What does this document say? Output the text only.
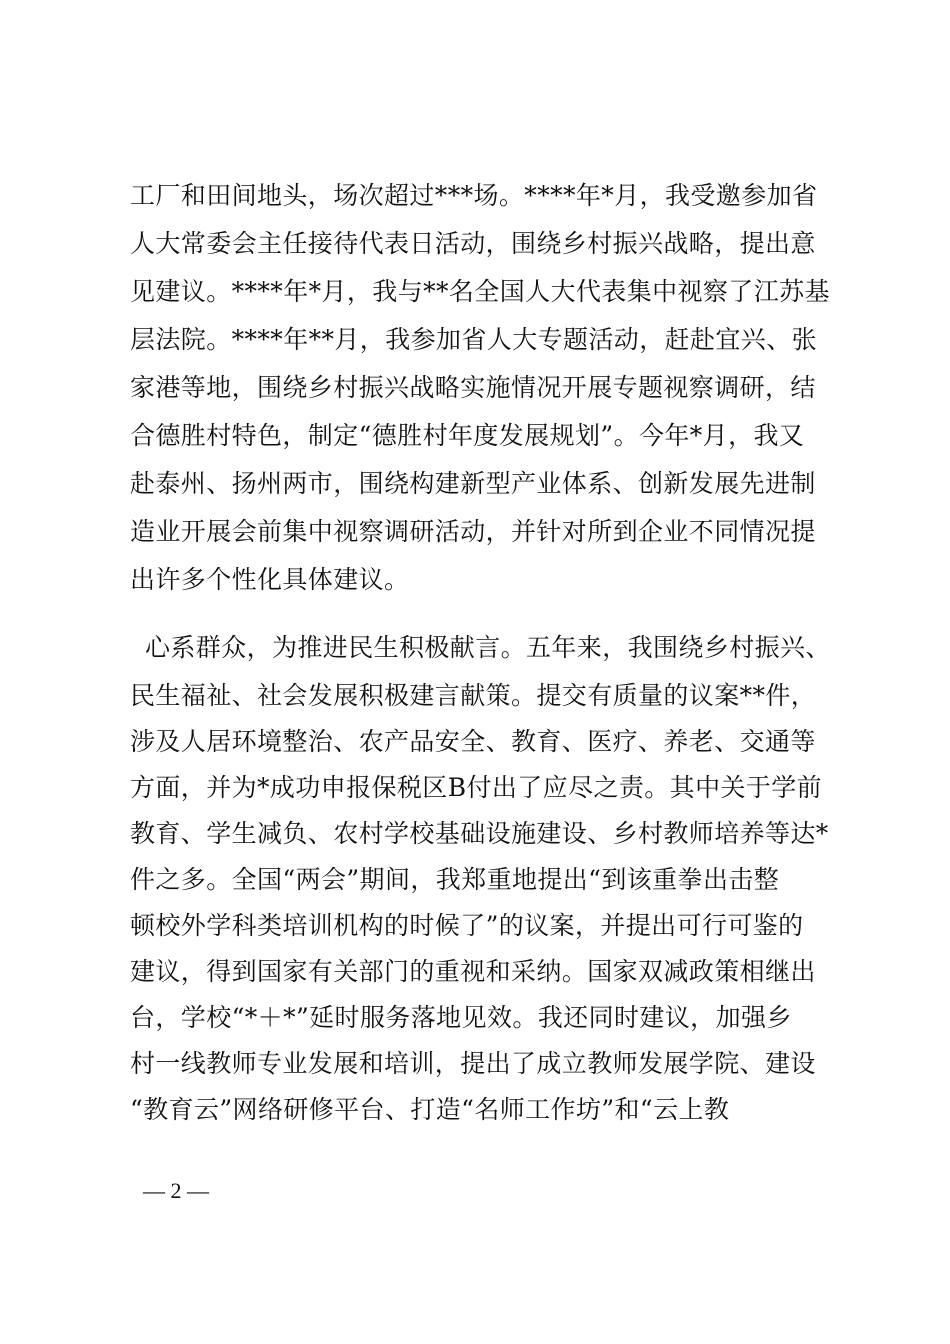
工厂和田间地头，场次超过***场。****年*月，我受邀参加省
人大常委会主任接待代表日活动，围绕乡村振兴战略，提出意
见建议。****年*月，我与**名全国人大代表集中视察了江苏基
层法院。****年**月，我参加省人大专题活动，赶赴宜兴、张
家港等地，围绕乡村振兴战略实施情况开展专题视察调研，结
合德胜村特色，制定“德胜村年度发展规划”。今年*月，我又
赴泰州、扬州两市，围绕构建新型产业体系、创新发展先进制
造业开展会前集中视察调研活动，并针对所到企业不同情况提
出许多个性化具体建议。
心系群众，为推进民生积极献言。五年来，我围绕乡村振兴、
民生福祉、社会发展积极建言献策。提交有质量的议案**件，
涉及人居环境整治、农产品安全、教育、医疗、养老、交通等
方面，并为*成功申报保税区B付出了应尽之责。其中关于学前
教育、学生减负、农村学校基础设施建设、乡村教师培养等达*
件之多。全国“两会”期间，我郑重地提出“到该重拳出击整
顿校外学科类培训机构的时候了”的议案，并提出可行可鉴的
建议，得到国家有关部门的重视和采纳。国家双减政策相继出
台，学校“*＋*”延时服务落地见效。我还同时建议，加强乡
村一线教师专业发展和培训，提出了成立教师发展学院、建设
“教育云”网络研修平台、打造“名师工作坊”和“云上教
— 2 —
